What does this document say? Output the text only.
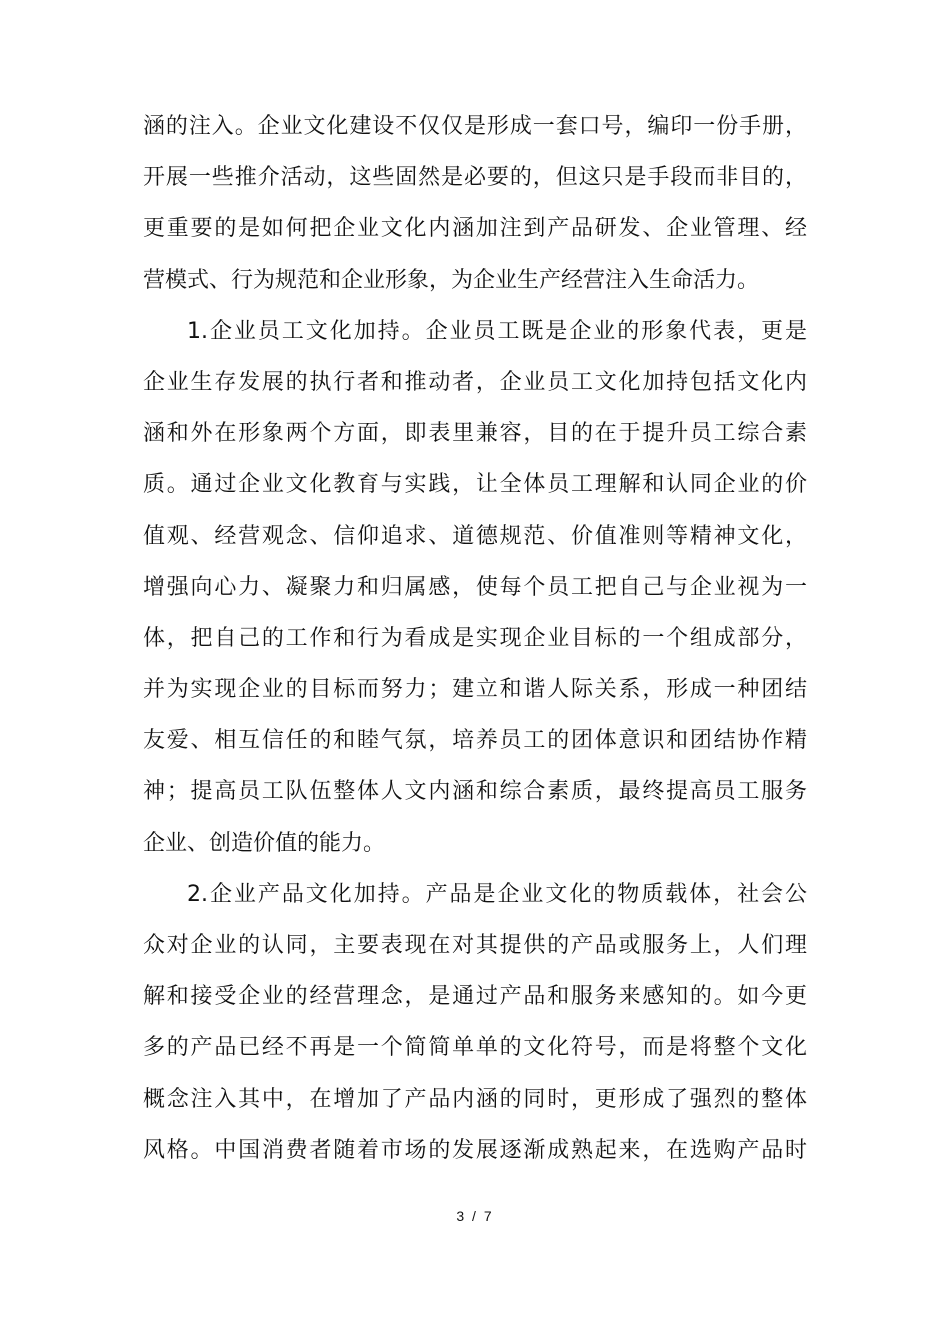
涵的注入。企业文化建设不仅仅是形成一套口号，编印一份手册，
开展一些推介活动，这些固然是必要的，但这只是手段而非目的，
更重要的是如何把企业文化内涵加注到产品研发、企业管理、经
营模式、行为规范和企业形象，为企业生产经营注入生命活力。
1.企业员工文化加持。企业员工既是企业的形象代表，更是
企业生存发展的执行者和推动者，企业员工文化加持包括文化内
涵和外在形象两个方面，即表里兼容，目的在于提升员工综合素
质。通过企业文化教育与实践，让全体员工理解和认同企业的价
值观、经营观念、信仰追求、道德规范、价值准则等精神文化，
增强向心力、凝聚力和归属感，使每个员工把自己与企业视为一
体，把自己的工作和行为看成是实现企业目标的一个组成部分，
并为实现企业的目标而努力；建立和谐人际关系，形成一种团结
友爱、相互信任的和睦气氛，培养员工的团体意识和团结协作精
神；提高员工队伍整体人文内涵和综合素质，最终提高员工服务
企业、创造价值的能力。
2.企业产品文化加持。产品是企业文化的物质载体，社会公
众对企业的认同，主要表现在对其提供的产品或服务上，人们理
解和接受企业的经营理念，是通过产品和服务来感知的。如今更
多的产品已经不再是一个简简单单的文化符号，而是将整个文化
概念注入其中，在增加了产品内涵的同时，更形成了强烈的整体
风格。中国消费者随着市场的发展逐渐成熟起来，在选购产品时
3 / 7
